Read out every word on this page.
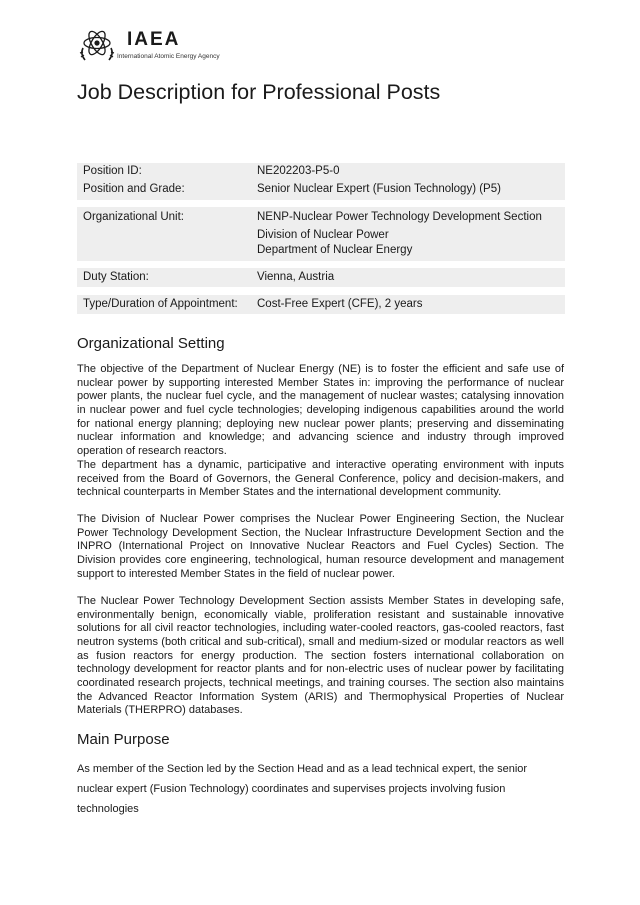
IAEA
International Atomic Energy Agency
Job Description for Professional Posts
Position ID:	NE202203-P5-0
Position and Grade:	Senior Nuclear Expert (Fusion Technology) (P5)
Organizational Unit:	NENP-Nuclear Power Technology Development Section
Division of Nuclear Power
Department of Nuclear Energy
Duty Station:	Vienna, Austria
Type/Duration of Appointment: Cost-Free Expert (CFE), 2 years
Organizational Setting

The objective of the Department of Nuclear Energy (NE) is to foster the efficient and safe use of nuclear power by supporting interested Member States in: improving the performance of nuclear power plants, the nuclear fuel cycle, and the management of nuclear wastes; catalysing innovation in nuclear power and fuel cycle technologies; developing indigenous capabilities around the world for national energy planning; deploying new nuclear power plants; preserving and disseminating nuclear information and knowledge; and advancing science and industry through improved operation of research reactors.

The department has a dynamic, participative and interactive operating environment with inputs received from the Board of Governors, the General Conference, policy and decision-makers, and technical counterparts in Member States and the international development community.

The Division of Nuclear Power comprises the Nuclear Power Engineering Section, the Nuclear Power Technology Development Section, the Nuclear Infrastructure Development Section and the INPRO (International Project on Innovative Nuclear Reactors and Fuel Cycles) Section. The Division provides core engineering, technological, human resource development and management support to interested Member States in the field of nuclear power.

The Nuclear Power Technology Development Section assists Member States in developing safe, environmentally benign, economically viable, proliferation resistant and sustainable innovative solutions for all civil reactor technologies, including water-cooled reactors, gas-cooled reactors, fast neutron systems (both critical and sub-critical), small and medium-sized or modular reactors as well as fusion reactors for energy production. The section fosters international collaboration on technology development for reactor plants and for non-electric uses of nuclear power by facilitating coordinated research projects, technical meetings, and training courses. The section also maintains the Advanced Reactor Information System (ARIS) and Thermophysical Properties of Nuclear Materials (THERPRO) databases.

Main Purpose

As member of the Section led by the Section Head and as a lead technical expert, the senior nuclear expert (Fusion Technology) coordinates and supervises projects involving fusion technologies
